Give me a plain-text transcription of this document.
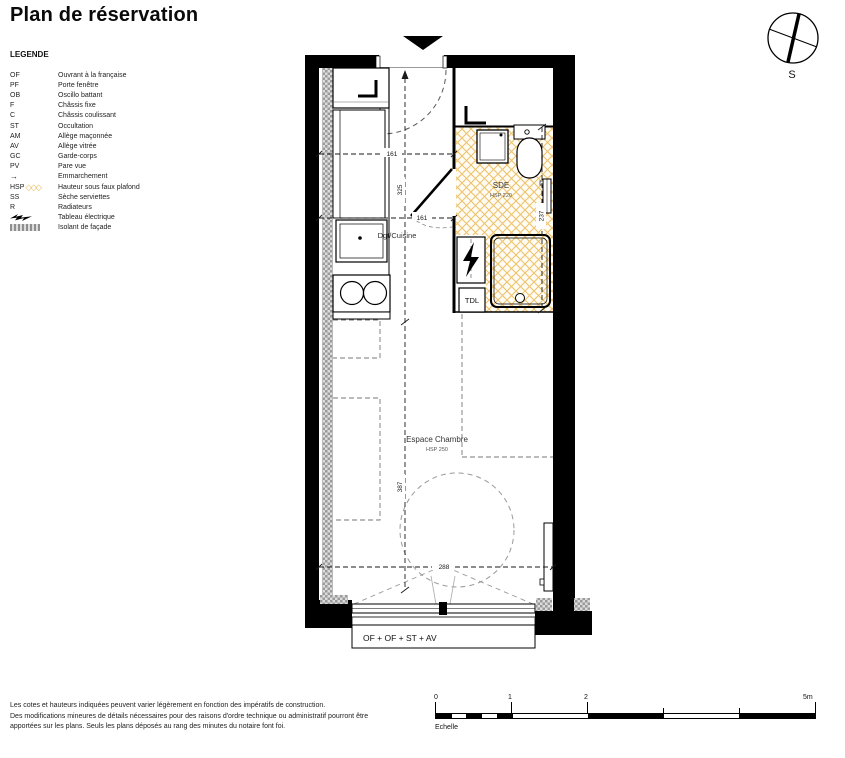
Plan de réservation
LEGENDE
OF	Ouvrant à la française
PF	Porte fenêtre
OB	Oscillo battant
F	Châssis fixe
C	Châssis coulissant
ST	Occultation
AM	Allège maçonnée
AV	Allège vitrée
GC	Garde-corps
PV	Pare vue
→	Emmarchement
HSP ◇◇◇ Hauteur sous faux plafond
SS	Sèche serviettes
R	Radiateurs
Tableau électrique
Isolant de façade
S
TDL
OF + OF + ST + AV
161
325
161	237
387
288
SDE
HSP 220
Dgt/Cuisine
Espace Chambre
HSP 250
Les cotes et hauteurs indiquées peuvent varier légèrement en fonction des impératifs de construction.
Des modifications mineures de détails nécessaires pour des raisons d'ordre technique ou administratif pourront être
apportées sur les plans. Seuls les plans déposés au rang des minutes du notaire font foi.
0	1	2	5m
Echelle
